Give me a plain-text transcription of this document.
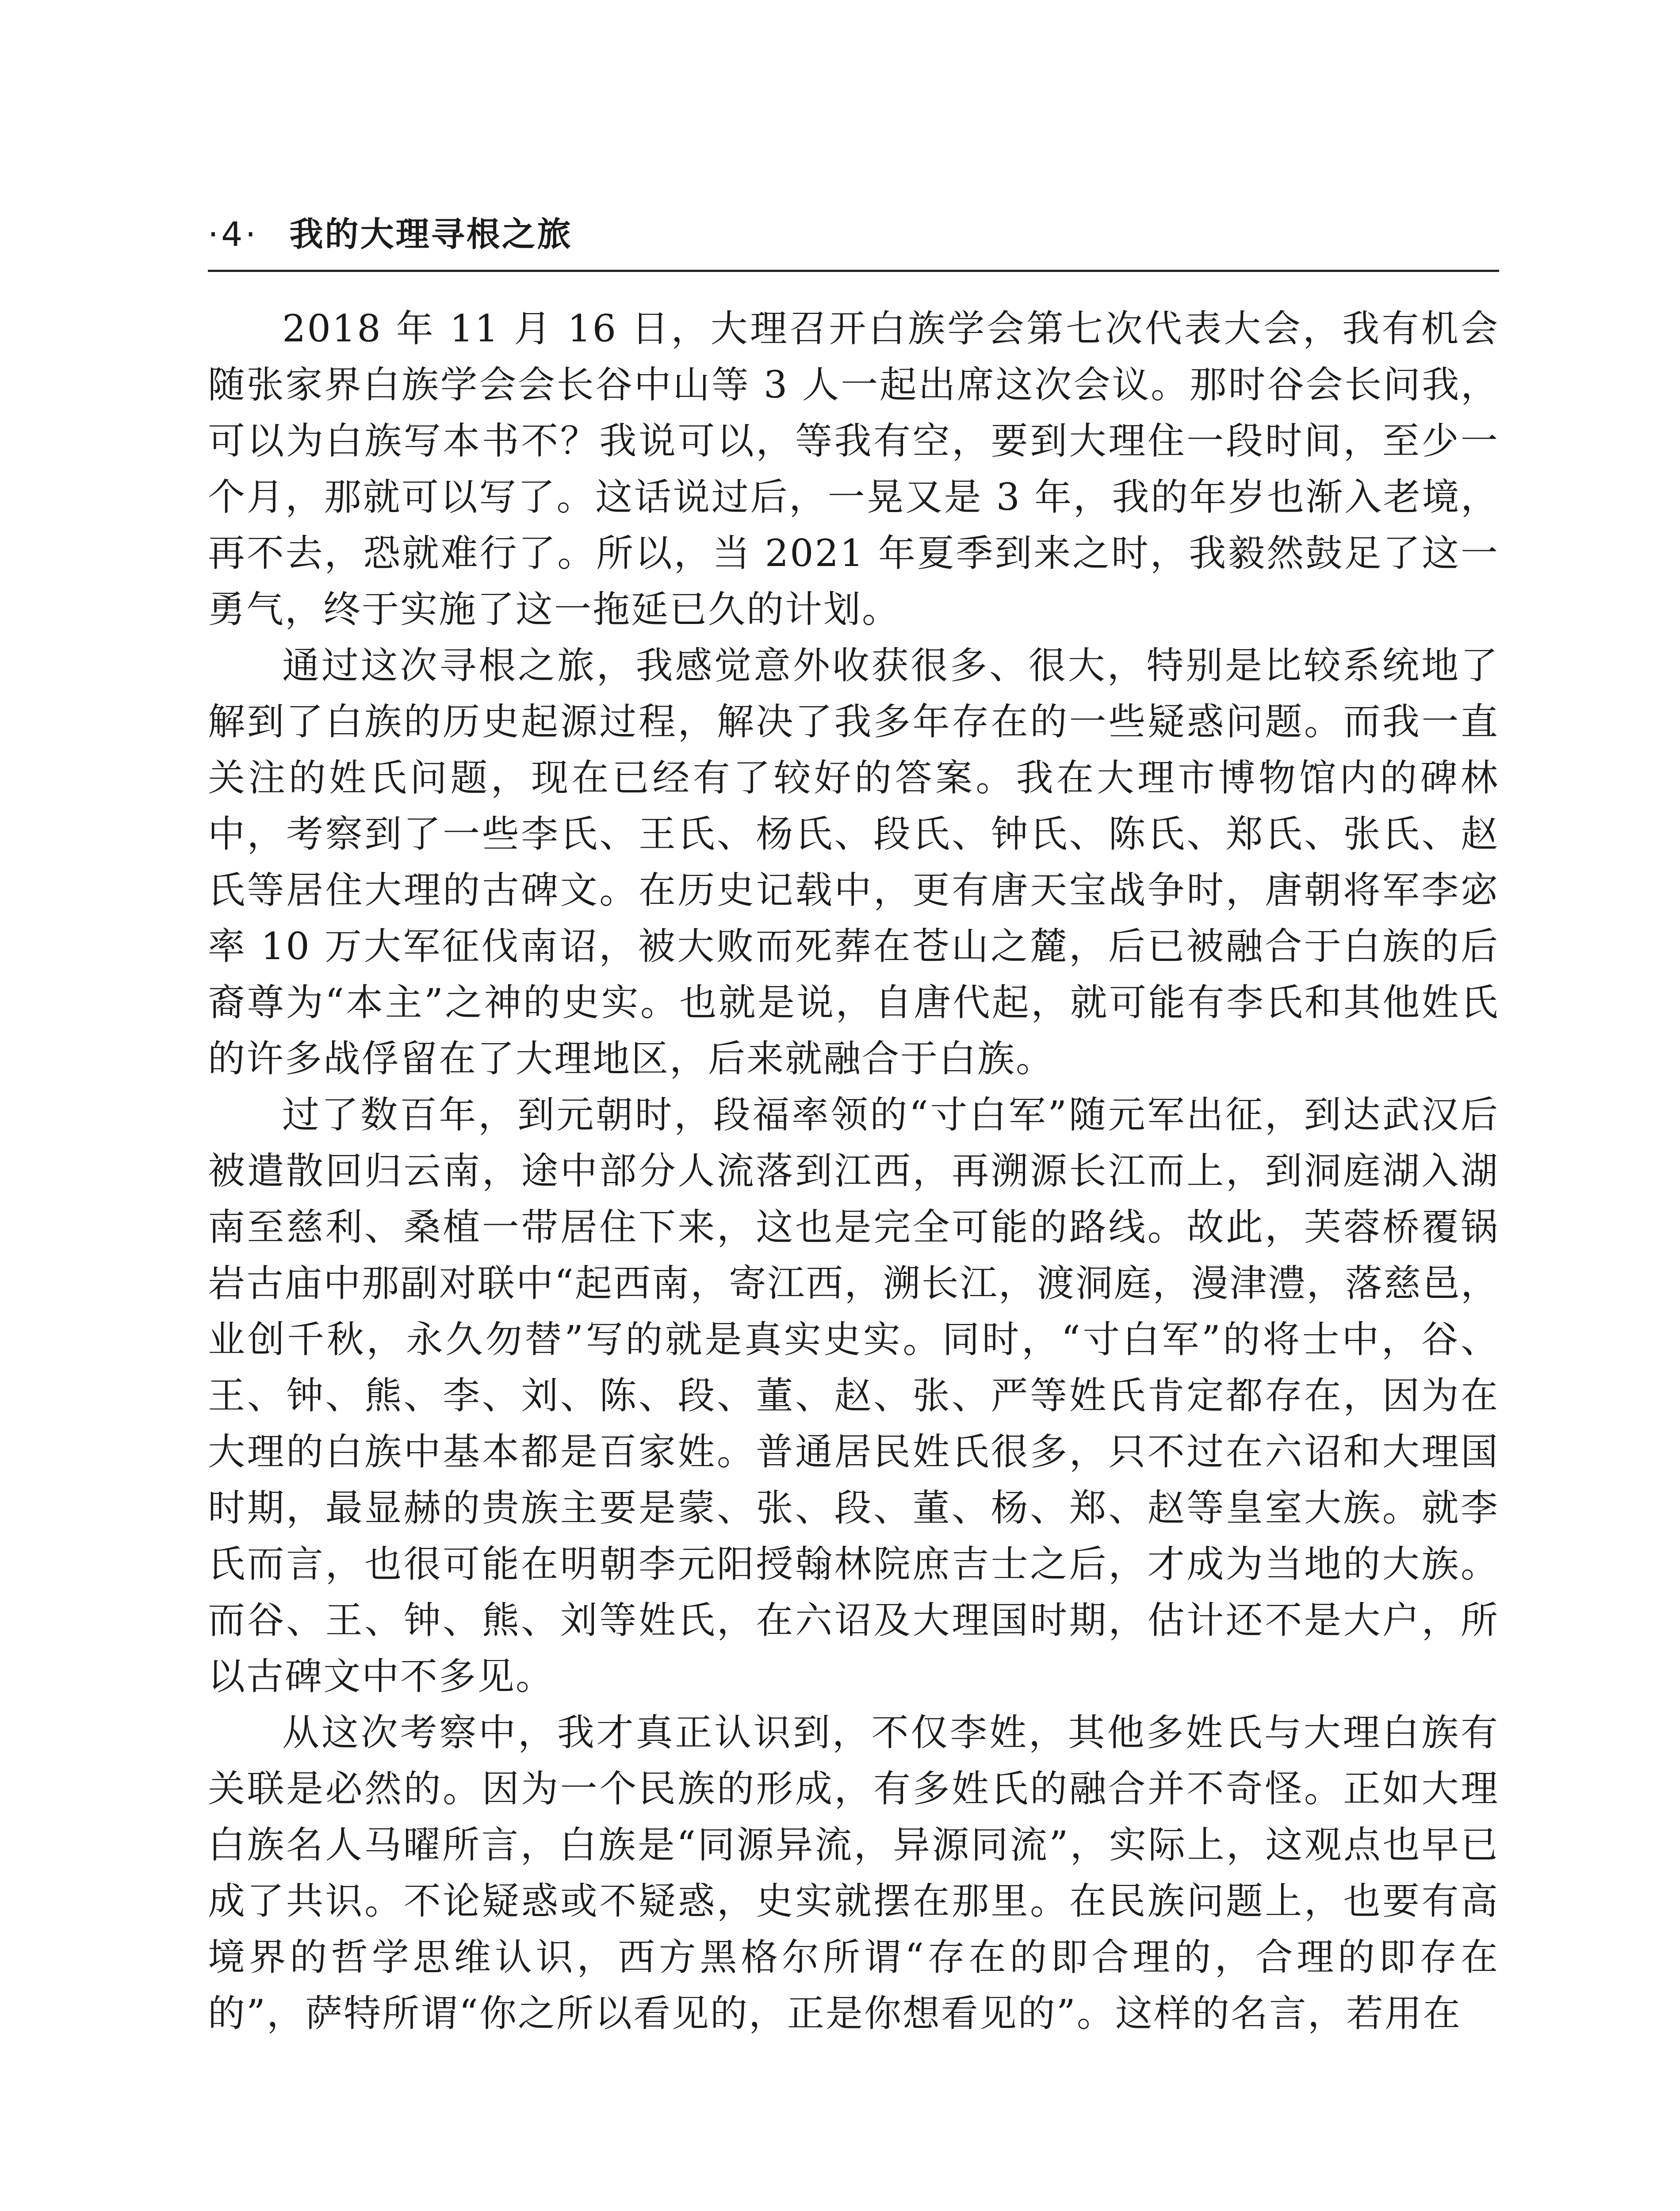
·4· 我的大理寻根之旅

2018 年 11 月 16 日，大理召开白族学会第七次代表大会，我有机会随张家界白族学会会长谷中山等 3 人一起出席这次会议。那时谷会长问我，可以为白族写本书不？我说可以，等我有空，要到大理住一段时间，至少一个月，那就可以写了。这话说过后，一晃又是 3 年，我的年岁也渐入老境，再不去，恐就难行了。所以，当 2021 年夏季到来之时，我毅然鼓足了这一勇气，终于实施了这一拖延已久的计划。

通过这次寻根之旅，我感觉意外收获很多、很大，特别是比较系统地了解到了白族的历史起源过程，解决了我多年存在的一些疑惑问题。而我一直关注的姓氏问题，现在已经有了较好的答案。我在大理市博物馆内的碑林中，考察到了一些李氏、王氏、杨氏、段氏、钟氏、陈氏、郑氏、张氏、赵氏等居住大理的古碑文。在历史记载中，更有唐天宝战争时，唐朝将军李宓率 10 万大军征伐南诏，被大败而死葬在苍山之麓，后已被融合于白族的后裔尊为“本主”之神的史实。也就是说，自唐代起，就可能有李氏和其他姓氏的许多战俘留在了大理地区，后来就融合于白族。

过了数百年，到元朝时，段福率领的“寸白军”随元军出征，到达武汉后被遣散回归云南，途中部分人流落到江西，再溯源长江而上，到洞庭湖入湖南至慈利、桑植一带居住下来，这也是完全可能的路线。故此，芙蓉桥覆锅岩古庙中那副对联中“起西南，寄江西，溯长江，渡洞庭，漫津澧，落慈邑，业创千秋，永久勿替”写的就是真实史实。同时，“寸白军”的将士中，谷、王、钟、熊、李、刘、陈、段、董、赵、张、严等姓氏肯定都存在，因为在大理的白族中基本都是百家姓。普通居民姓氏很多，只不过在六诏和大理国时期，最显赫的贵族主要是蒙、张、段、董、杨、郑、赵等皇室大族。就李氏而言，也很可能在明朝李元阳授翰林院庶吉士之后，才成为当地的大族。而谷、王、钟、熊、刘等姓氏，在六诏及大理国时期，估计还不是大户，所以古碑文中不多见。

从这次考察中，我才真正认识到，不仅李姓，其他多姓氏与大理白族有关联是必然的。因为一个民族的形成，有多姓氏的融合并不奇怪。正如大理白族名人马曜所言，白族是“同源异流，异源同流”，实际上，这观点也早已成了共识。不论疑惑或不疑惑，史实就摆在那里。在民族问题上，也要有高境界的哲学思维认识，西方黑格尔所谓“存在的即合理的，合理的即存在的”，萨特所谓“你之所以看见的，正是你想看见的”。这样的名言，若用在
